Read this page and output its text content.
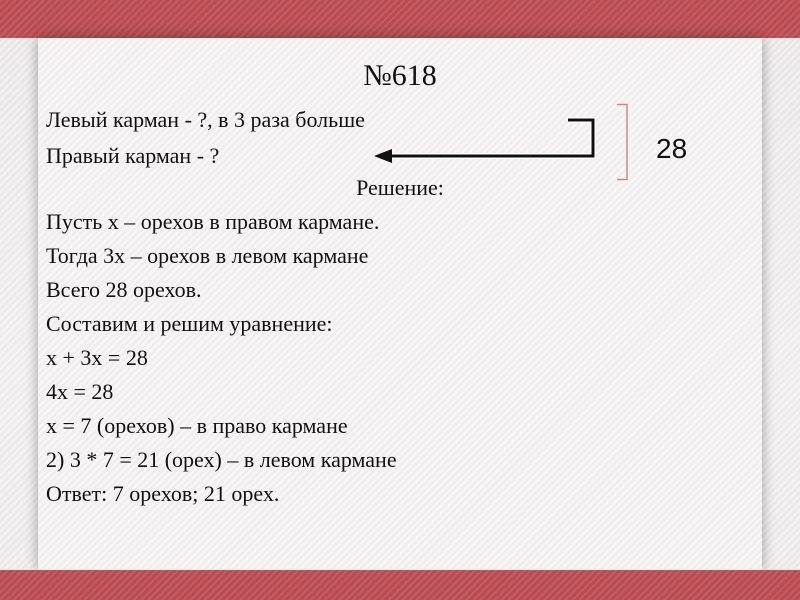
№618
Левый карман - ?, в 3 раза больше
Правый карман - ?
Решение:
Пусть х – орехов в правом кармане.
Тогда 3х – орехов в левом кармане
Всего 28 орехов.
Составим и решим уравнение:
х + 3х = 28
4х = 28
х = 7 (орехов) – в право кармане
2) 3 * 7 = 21 (орех) – в левом кармане
Ответ: 7 орехов; 21 орех.
28
